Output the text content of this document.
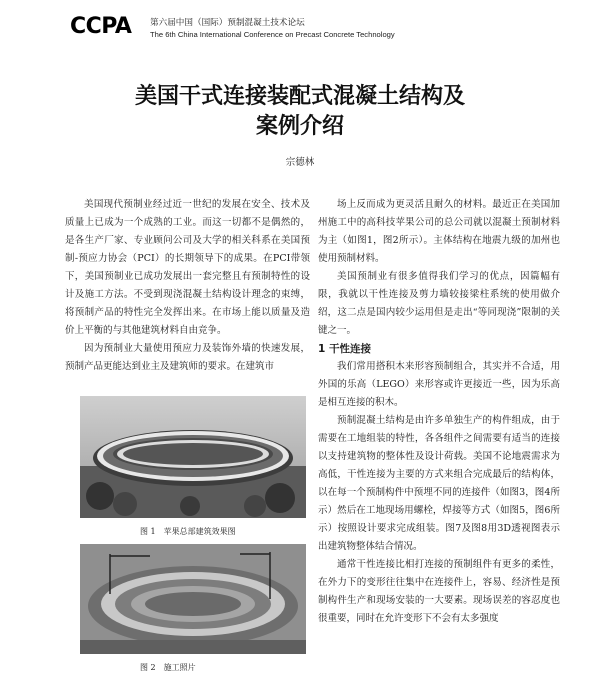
CCPA 第六届中国（国际）预制混凝土技术论坛
The 6th China International Conference on Precast Concrete Technology
美国干式连接装配式混凝土结构及
案例介绍
宗德林

美国现代预制业经过近一世纪的发展在安全、技术及质量上已成为一个成熟的工业。而这一切都不是偶然的，是各生产厂家、专业顾问公司及大学的相关科系在美国预制-预应力协会（PCI）的长期领导下的成果。在PCI带领下，美国预制业已成功发展出一套完整且有预制特性的设计及施工方法。不受到现浇混凝土结构设计理念的束缚，将预制产品的特性完全发挥出来。在市场上能以质量及造价上平衡的与其他建筑材料自由竞争。

因为预制业大量使用预应力及装饰外墙的快速发展，预制产品更能达到业主及建筑师的要求。在建筑市

图 1　苹果总部建筑效果图
图 2　施工照片

场上反而成为更灵活且耐久的材料。最近正在美国加州施工中的高科技苹果公司的总公司就以混凝土预制材料为主（如图1，图2所示）。主体结构在地震九级的加州也使用预制材料。

美国预制业有很多值得我们学习的优点，因篇幅有限，我就以干性连接及剪力墙较接梁柱系统的使用做介绍，这二点是国内较少运用但是走出“等同现浇”限制的关键之一。

1 干性连接

我们常用搭积木来形容预制组合，其实并不合适，用外国的乐高（LEGO）来形容或许更接近一些，因为乐高是相互连接的积木。

预制混凝土结构是由许多单独生产的构件组成，由于需要在工地组装的特性，各各组件之间需要有适当的连接以支持建筑物的整体性及设计荷载。美国不论地震需求为高低，干性连接为主要的方式来组合完成最后的结构体，以在每一个预制构件中预埋不同的连接件（如图3，图4所示）然后在工地现场用螺栓，焊接等方式（如图5，图6所示）按照设计要求完成组装。图7及图8用3D透视图表示出建筑物整体结合情况。

通常干性连接比相打连接的预制组件有更多的柔性，在外力下的变形往往集中在连接件上，容易、经济性是预制构件生产和现场安装的一大要素。现场误差的容忍度也很重要，同时在允许变形下不会有太多强度
